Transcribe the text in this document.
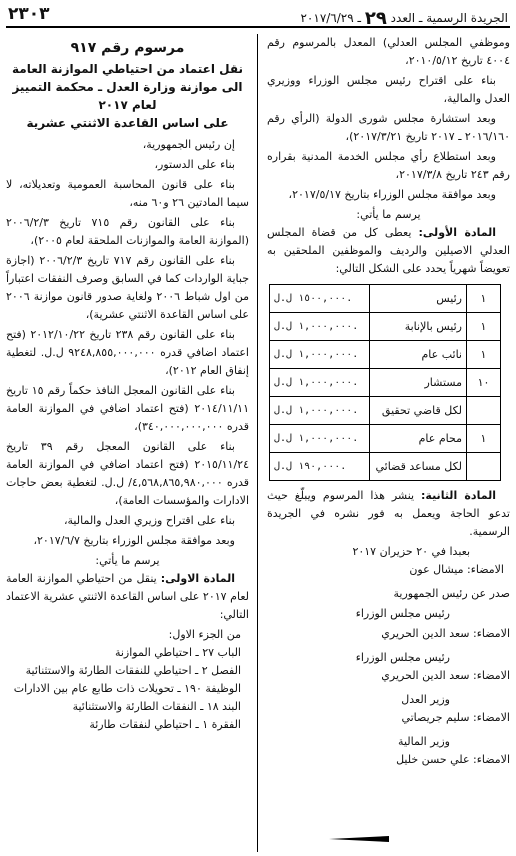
الجريدة الرسمية ـ العدد ٢٩ ـ ٢٠١٧/٦/٢٩
٢٣٠٣

وموظفي المجلس العدلي) المعدل بالمرسوم رقم ٤٠٠٤ تاريخ ٢٠١٠/٥/١٢،

بناء على اقتراح رئيس مجلس الوزراء ووزيري العدل والمالية،

وبعد استشارة مجلس شورى الدولة (الرأي رقم ٢٠١٦/١٦٠ ـ ٢٠١٧ تاريخ ٢٠١٧/٣/٢١)،

وبعد استطلاع رأي مجلس الخدمة المدنية بقراره رقم ٢٤٣ تاريخ ٢٠١٧/٣/٨،

وبعد موافقة مجلس الوزراء بتاريخ ٢٠١٧/٥/١٧،

يرسم ما يأتي:

المادة الأولى: يعطى كل من قضاة المجلس العدلي الاصيلين والرديف والموظفين الملحقين به تعويضاً شهرياً يحدد على الشكل التالي:

١	رئيس	١٥٠٠,٠٠٠ ل.ل.
١	رئيس بالإنابة	١,٠٠٠,٠٠٠ ل.ل.
١	نائب عام	١,٠٠٠,٠٠٠ ل.ل.
١٠	مستشار	١,٠٠٠,٠٠٠ ل.ل.
	لكل قاضي تحقيق	١,٠٠٠,٠٠٠ ل.ل.
١	محام عام	١,٠٠٠,٠٠٠ ل.ل.
	لكل مساعد قضائي	١٩٠,٠٠٠ ل.ل.

المادة الثانية: ينشر هذا المرسوم ويبلّغ حيث تدعو الحاجة ويعمل به فور نشره في الجريدة الرسمية.

بعبدا في ٢٠ حزيران ٢٠١٧

الامضاء: ميشال عون

صدر عن رئيس الجمهورية

رئيس مجلس الوزراء

الامضاء: سعد الدين الحريري

رئيس مجلس الوزراء

الامضاء: سعد الدين الحريري

وزير العدل

الامضاء: سليم جريصاتي

وزير المالية

الامضاء: علي حسن خليل

مرسوم رقم ٩١٧
نقل اعتماد من احتياطي الموازنة العامة
الى موازنة وزارة العدل ـ محكمة التمييز
لعام ٢٠١٧
على اساس القاعدة الاثنتي عشرية

إن رئيس الجمهورية،

بناء على الدستور،

بناء على قانون المحاسبة العمومية وتعديلاته، لا سيما المادتين ٢٦ و٦٠ منه،

بناء على القانون رقم ٧١٥ تاريخ ٢٠٠٦/٢/٣ (الموازنة العامة والموازنات الملحقة لعام ٢٠٠٥)،

بناء على القانون رقم ٧١٧ تاريخ ٢٠٠٦/٢/٣ (اجازة جباية الواردات كما في السابق وصرف النفقات اعتباراً من اول شباط ٢٠٠٦ ولغاية صدور قانون موازنة ٢٠٠٦ على اساس القاعدة الاثنتي عشرية)،

بناء على القانون رقم ٢٣٨ تاريخ ٢٠١٢/١٠/٢٢ (فتح اعتماد اضافي قدره ٩٢٤٨,٨٥٥,٠٠٠,٠٠٠ ل.ل. لتغطية إنفاق العام ٢٠١٢)،

بناء على القانون المعجل النافذ حكماً رقم ١٥ تاريخ ٢٠١٤/١١/١١ (فتح اعتماد اضافي في الموازنة العامة قدره ٣٤٠,٠٠٠,٠٠٠,٠٠٠)،

بناء على القانون المعجل رقم ٣٩ تاريخ ٢٠١٥/١١/٢٤ (فتح اعتماد اضافي في الموازنة العامة قدره ٤,٥٦٨,٨٦٥,٩٨٠,٠٠٠/ ل.ل. لتغطية بعض حاجات الادارات والمؤسسات العامة)،

بناء على اقتراح وزيري العدل والمالية،

وبعد موافقة مجلس الوزراء بتاريخ ٢٠١٧/٦/٧،

يرسم ما يأتي:

المادة الاولى: ينقل من احتياطي الموازنة العامة لعام ٢٠١٧ على اساس القاعدة الاثنتي عشرية الاعتماد التالي:

من الجزء الاول:

الباب ٢٧ ـ احتياطي الموازنة

الفصل ٢ ـ احتياطي للنفقات الطارئة والاستثنائية

الوظيفة ١٩٠ ـ تحويلات ذات طابع عام بين الادارات

البند ١٨ ـ النفقات الطارئة والاستثنائية

الفقرة ١ ـ احتياطي لنفقات طارئة
